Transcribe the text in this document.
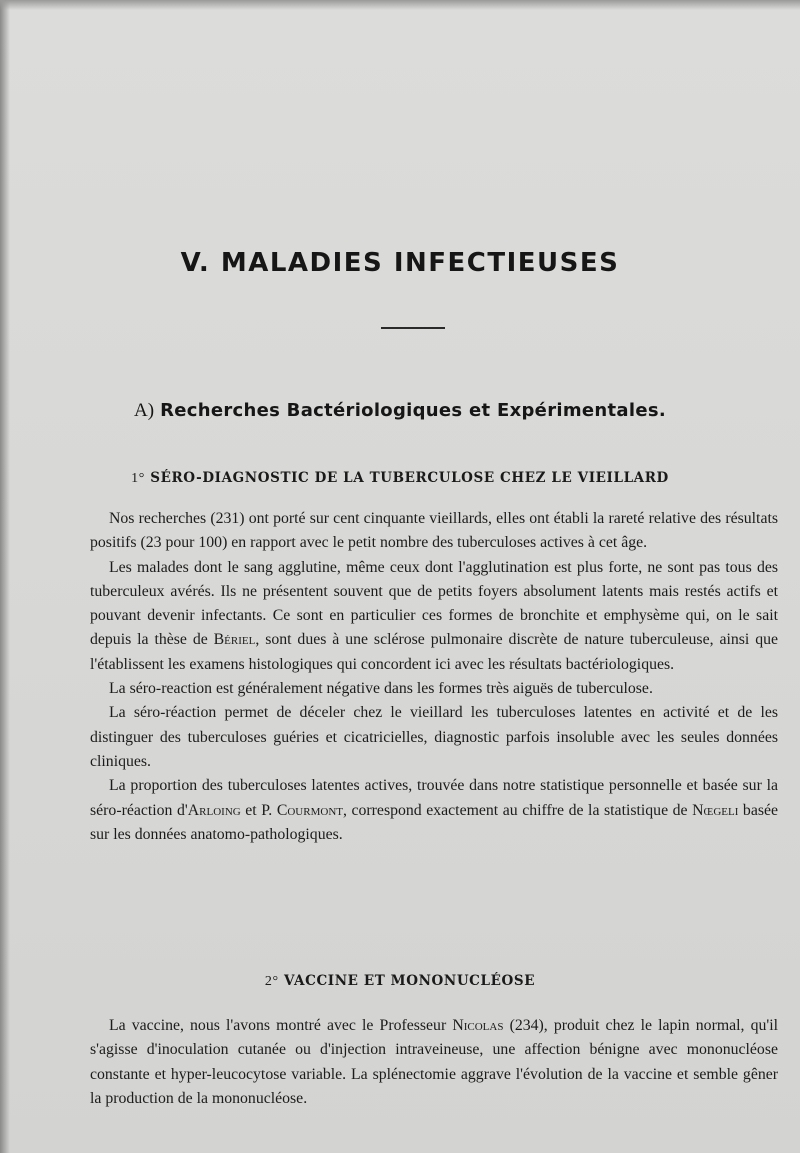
V. MALADIES INFECTIEUSES
A) Recherches Bactériologiques et Expérimentales.
1° SÉRO-DIAGNOSTIC DE LA TUBERCULOSE CHEZ LE VIEILLARD

Nos recherches (231) ont porté sur cent cinquante vieillards, elles ont établi la rareté relative des résultats positifs (23 pour 100) en rapport avec le petit nombre des tuberculoses actives à cet âge.

Les malades dont le sang agglutine, même ceux dont l'agglutination est plus forte, ne sont pas tous des tuberculeux avérés. Ils ne présentent souvent que de petits foyers absolument latents mais restés actifs et pouvant devenir infectants. Ce sont en particulier ces formes de bronchite et emphysème qui, on le sait depuis la thèse de Bériel, sont dues à une sclérose pulmonaire discrète de nature tuberculeuse, ainsi que l'établissent les examens histologiques qui concordent ici avec les résultats bactériologiques.

La séro-reaction est généralement négative dans les formes très aiguës de tuberculose.

La séro-réaction permet de déceler chez le vieillard les tuberculoses latentes en activité et de les distinguer des tuberculoses guéries et cicatricielles, diagnostic parfois insoluble avec les seules données cliniques.

La proportion des tuberculoses latentes actives, trouvée dans notre statistique personnelle et basée sur la séro-réaction d'Arloing et P. Courmont, correspond exactement au chiffre de la statistique de Nœgeli basée sur les données anatomo-pathologiques.

2° VACCINE ET MONONUCLÉOSE

La vaccine, nous l'avons montré avec le Professeur Nicolas (234), produit chez le lapin normal, qu'il s'agisse d'inoculation cutanée ou d'injection intraveineuse, une affection bénigne avec mononucléose constante et hyper-leucocytose variable. La splénectomie aggrave l'évolution de la vaccine et semble gêner la production de la mononucléose.
